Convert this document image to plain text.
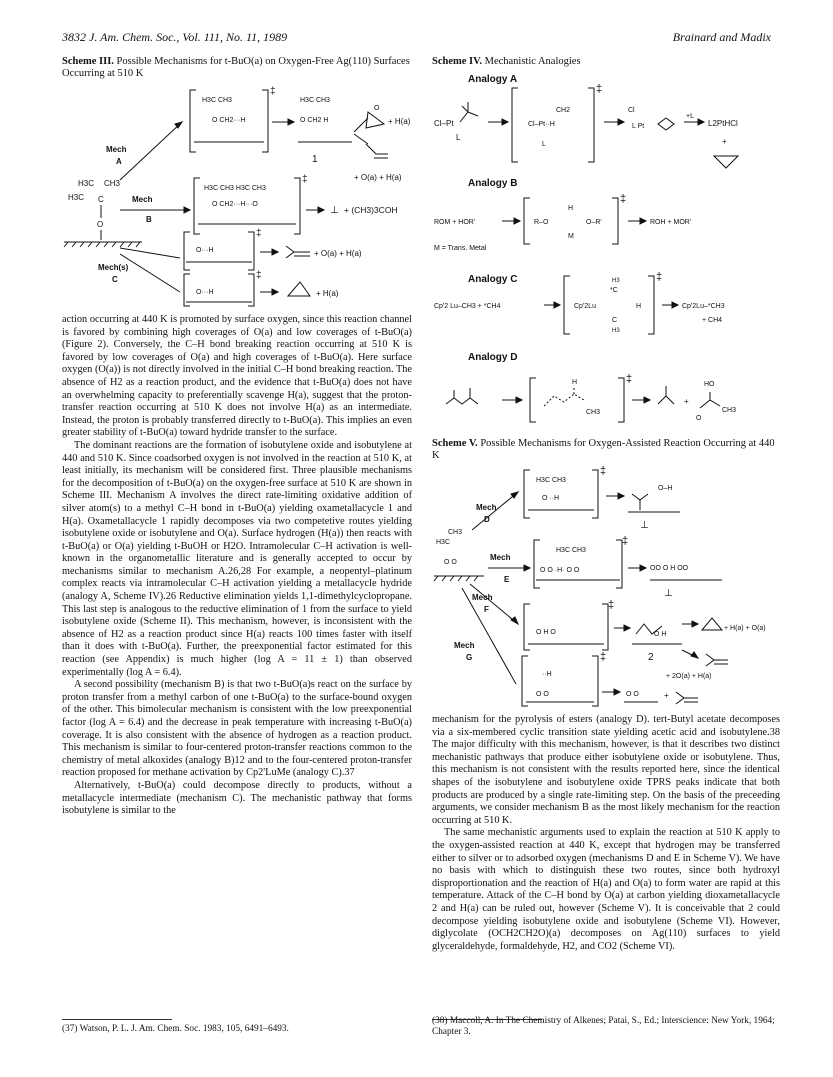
3832 J. Am. Chem. Soc., Vol. 111, No. 11, 1989	Brainard and Madix
Scheme III. Possible Mechanisms for t-BuO(a) on Oxygen-Free Ag(110) Surfaces Occurring at 510 K
H3C
H3C
CH3
C
O
Mech
A
H3C CH3
O CH2···H
‡
H3C CH3
O CH2 H
O
+ H(a)
1
Mech
B
H3C CH3 H3C CH3
O CH2···H···O
‡	+ O(a) + H(a)
⊥ + (CH3)3COH
Mech(s)
C
O···H
‡
+ O(a) + H(a)
O···H
‡
+ H(a)

action occurring at 440 K is promoted by surface oxygen, since this reaction channel is favored by combining high coverages of O(a) and low coverages of t-BuO(a) (Figure 2). Conversely, the C–H bond breaking reaction occurring at 510 K is favored by low coverages of O(a) and high coverages of t-BuO(a). Here surface oxygen (O(a)) is not directly involved in the initial C–H bond breaking reaction. The absence of H2 as a reaction product, and the evidence that t-BuO(a) does not have an overwhelming capacity to preferentially scavenge H(a), suggest that the proton-transfer reaction occurring at 510 K does not involve H(a) as an intermediate. Instead, the proton is probably transferred directly to t-BuO(a). This implies an even greater stability of t-BuO(a) toward hydride transfer to the surface.

The dominant reactions are the formation of isobutylene oxide and isobutylene at 440 and 510 K. Since coadsorbed oxygen is not involved in the reaction at 510 K, at least initially, its mechanism will be considered first. Three plausible mechanisms for the decomposition of t-BuO(a) on the oxygen-free surface at 510 K are shown in Scheme III. Mechanism A involves the direct rate-limiting oxidative addition of silver atom(s) to a methyl C–H bond in t-BuO(a) yielding oxametallacycle 1 and H(a). Oxametallacycle 1 rapidly decomposes via two competetive routes yielding isobutylene oxide or isobutylene and O(a). Surface hydrogen (H(a)) then reacts with t-BuO(a) or O(a) yielding t-BuOH or H2O. Intramolecular C–H activation is well-known in the organometallic literature and is generally accepted to occur by mechanisms similar to mechanism A.26,28 For example, a neopentyl–platinum complex reacts via intramolecular C–H activation yielding a metallacycle hydride (analogy A, Scheme IV).26 Reductive elimination yields 1,1-dimethylcyclopropane. This last step is analogous to the reductive elimination of 1 from the surface to yield isobutylene oxide (Scheme II). This mechanism, however, is inconsistent with the absence of H2 as a reaction product since H(a) reacts 100 times faster with itself than it does with t-BuO(a). Further, the preexponential factor estimated for this reaction (see Appendix) is much higher (log A = 11 ± 1) than observed experimentally (log A = 6.4).

A second possibility (mechanism B) is that two t-BuO(a)s react on the surface by proton transfer from a methyl carbon of one t-BuO(a) to the surface-bound oxygen of the other. This bimolecular mechanism is consistent with the low preexponential factor (log A = 6.4) and the decrease in peak temperature with increasing t-BuO(a) coverage. It is also consistent with the absence of hydrogen as a reaction product. This mechanism is similar to four-centered proton-transfer reactions common to the chemistry of metal alkoxides (analogy B)12 and to the four-centered proton-transfer reaction proposed for methane activation by Cp2'LuMe (analogy C).37

Alternatively, t-BuO(a) could decompose directly to products, without a metallacycle intermediate (mechanism C). The mechanistic pathway that forms isobutylene is similar to the

Scheme IV. Mechanistic Analogies
Analogy A
Cl–Pt
L
Cl–Pt··H
CH2
L
‡
Cl
L Pt
+L
L2PtHCl
+
Analogy B
ROM + HOR'	R–O
H
O–R'
M
‡
ROH + MOR'
M = Trans. Metal
Analogy C
Cp'2 Lu–CH3 + *CH4	Cp'2Lu
H3
*C
H
C
H3
‡
Cp'2Lu–*CH3
+ CH4
Analogy D
H
CH3
‡
+
HO
O
CH3
Scheme V. Possible Mechanisms for Oxygen-Assisted Reaction Occurring at 440 K
H3C
CH3
O O
Mech
D
H3C CH3
O ··H
‡
O–H
⊥
Mech
E
H3C CH3
O O ·H· O O
‡
OO O H OO
⊥
Mech
F
O H O
‡
O H
2
+ H(a) + O(a)
Mech
G
··H
O O
‡
+ 2O(a) + H(a)
O O	+

mechanism for the pyrolysis of esters (analogy D). tert-Butyl acetate decomposes via a six-membered cyclic transition state yielding acetic acid and isobutylene.38 The major difficulty with this mechanism, however, is that it describes two distinct mechanistic pathways that produce either isobutylene oxide or isobutylene. Thus, this mechanism is not consistent with the results reported here, since the identical shapes of the isobutylene and isobutylene oxide TPRS peaks indicate that both products are produced by a single rate-limiting step. On the basis of the preceeding arguments, we consider mechanism B as the most likely mechanism for the reaction occurring at 510 K.

The same mechanistic arguments used to explain the reaction at 510 K apply to the oxygen-assisted reaction at 440 K, except that hydrogen may be transferred either to silver or to adsorbed oxygen (mechanisms D and E in Scheme V). We have no basis with which to distinguish these two routes, since both hydroxyl disproportionation and the reaction of H(a) and O(a) to form water are rapid at this temperature. Attack of the C–H bond by O(a) at carbon yielding dioxametallacycle 2 and H(a) can be ruled out, however (Scheme V). It is conceivable that 2 could decompose yielding isobutylene oxide and isobutylene (Scheme VI). However, diglycolate (OCH2CH2O)(a) decomposes on Ag(110) surfaces to yield glyceraldehyde, formaldehyde, H2, and CO2 (Scheme VI).

(37) Watson, P. L. J. Am. Chem. Soc. 1983, 105, 6491–6493.
(38) Maccoll, A. In The Chemistry of Alkenes; Patai, S., Ed.; Interscience: New York, 1964; Chapter 3.
